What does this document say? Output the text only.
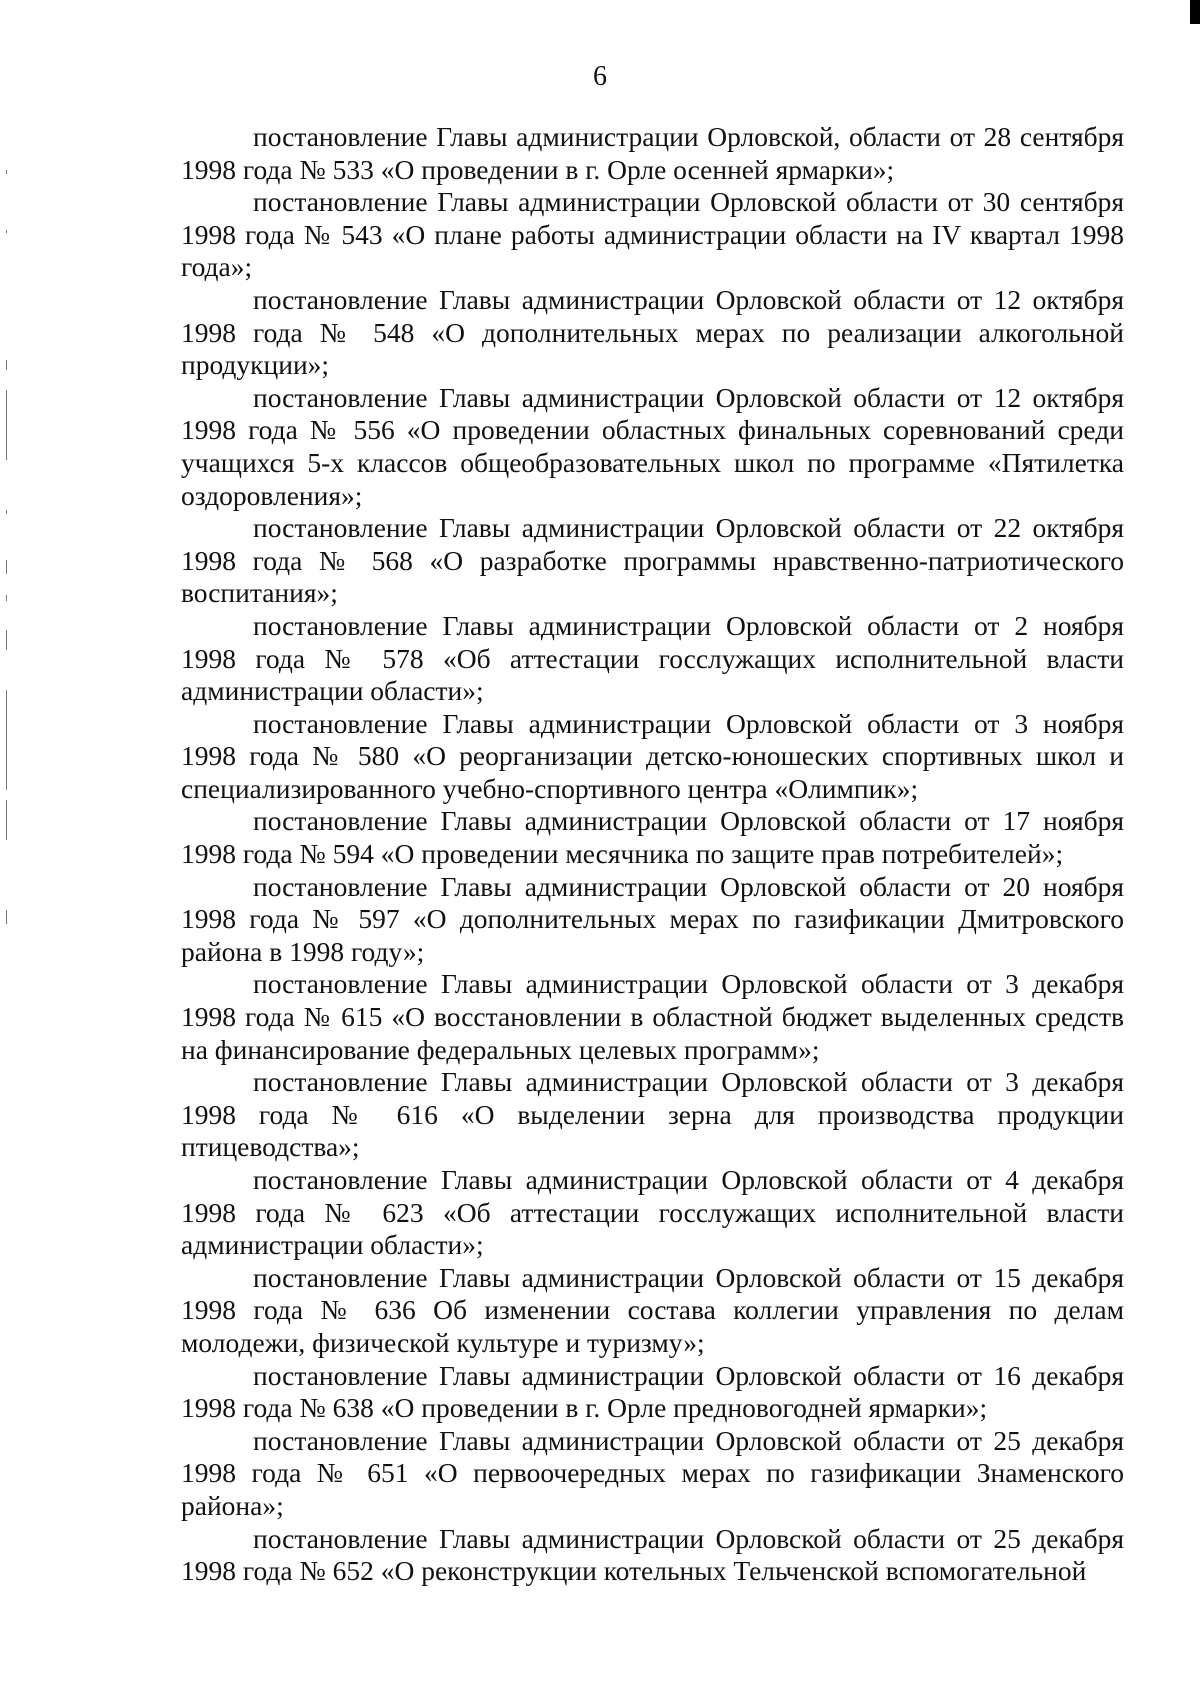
6

постановление Главы администрации Орловской, области от 28 сентября 1998 года № 533 «О проведении в г. Орле осенней ярмарки»;

постановление Главы администрации Орловской области от 30 сентября 1998 года № 543 «О плане работы администрации области на IV квартал 1998 года»;

постановление Главы администрации Орловской области от 12 октября 1998 года № 548 «О дополнительных мерах по реализации алкогольной продукции»;

постановление Главы администрации Орловской области от 12 октября 1998 года № 556 «О проведении областных финальных соревнований среди учащихся 5-х классов общеобразовательных школ по программе «Пятилетка оздоровления»;

постановление Главы администрации Орловской области от 22 октября 1998 года № 568 «О разработке программы нравственно-патриотического воспитания»;

постановление Главы администрации Орловской области от 2 ноября 1998 года № 578 «Об аттестации госслужащих исполнительной власти администрации области»;

постановление Главы администрации Орловской области от 3 ноября 1998 года № 580 «О реорганизации детско-юношеских спортивных школ и специализированного учебно-спортивного центра «Олимпик»;

постановление Главы администрации Орловской области от 17 ноября 1998 года № 594 «О проведении месячника по защите прав потребителей»;

постановление Главы администрации Орловской области от 20 ноября 1998 года № 597 «О дополнительных мерах по газификации Дмитровского района в 1998 году»;

постановление Главы администрации Орловской области от 3 декабря 1998 года № 615 «О восстановлении в областной бюджет выделенных средств на финансирование федеральных целевых программ»;

постановление Главы администрации Орловской области от 3 декабря 1998 года № 616 «О выделении зерна для производства продукции птицеводства»;

постановление Главы администрации Орловской области от 4 декабря 1998 года № 623 «Об аттестации госслужащих исполнительной власти администрации области»;

постановление Главы администрации Орловской области от 15 декабря 1998 года № 636 Об изменении состава коллегии управления по делам молодежи, физической культуре и туризму»;

постановление Главы администрации Орловской области от 16 декабря 1998 года № 638 «О проведении в г. Орле предновогодней ярмарки»;

постановление Главы администрации Орловской области от 25 декабря 1998 года № 651 «О первоочередных мерах по газификации Знаменского района»;

постановление Главы администрации Орловской области от 25 декабря 1998 года № 652 «О реконструкции котельных Тельченской вспомогательной
